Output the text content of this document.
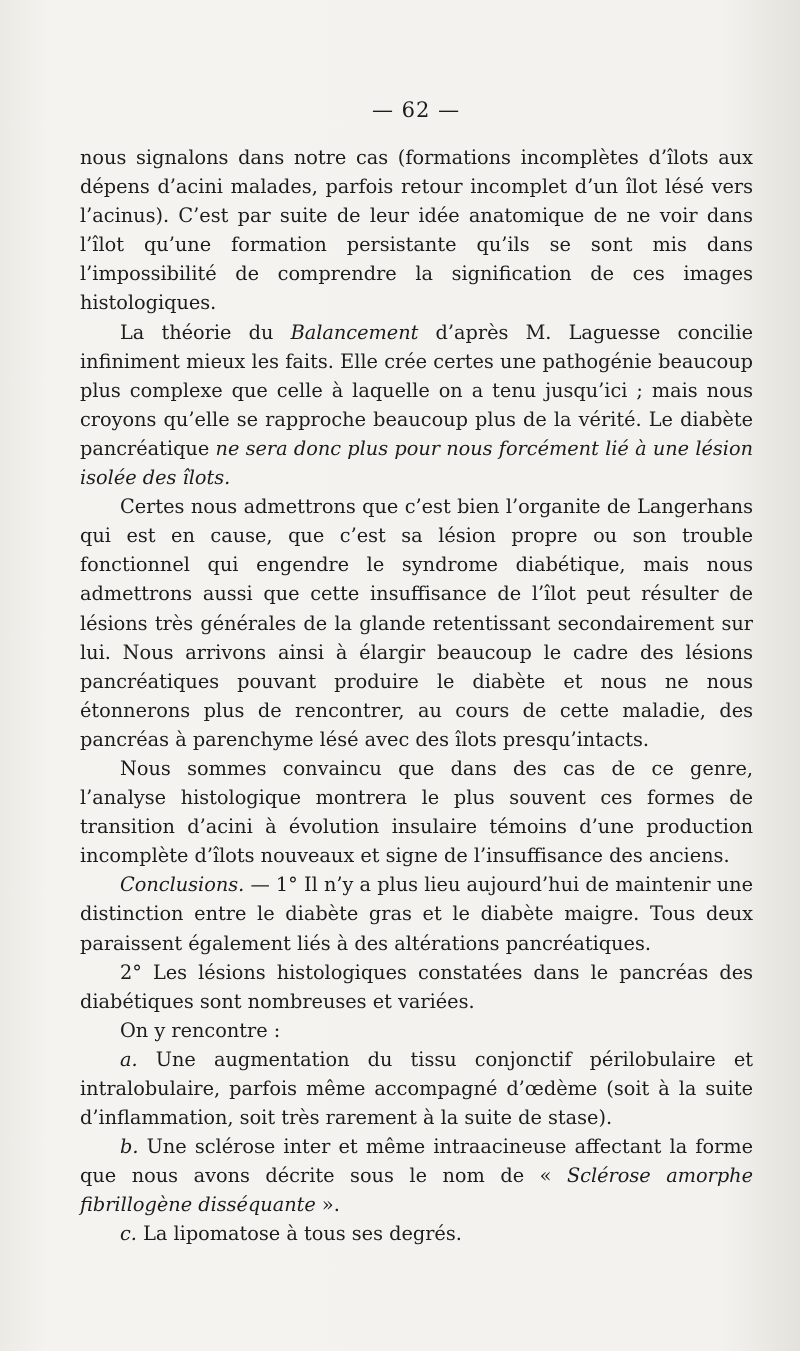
— 62 —

nous signalons dans notre cas (formations incomplètes d’îlots aux dépens d’acini malades, parfois retour incomplet d’un îlot lésé vers l’acinus). C’est par suite de leur idée anatomique de ne voir dans l’îlot qu’une formation persistante qu’ils se sont mis dans l’impossibilité de comprendre la signification de ces images histologiques.

La théorie du Balancement d’après M. Laguesse concilie infiniment mieux les faits. Elle crée certes une pathogénie beaucoup plus complexe que celle à laquelle on a tenu jusqu’ici ; mais nous croyons qu’elle se rapproche beaucoup plus de la vérité. Le diabète pancréatique ne sera donc plus pour nous forcément lié à une lésion isolée des îlots.

Certes nous admettrons que c’est bien l’organite de Langerhans qui est en cause, que c’est sa lésion propre ou son trouble fonctionnel qui engendre le syndrome diabétique, mais nous admettrons aussi que cette insuffisance de l’îlot peut résulter de lésions très générales de la glande retentissant secondairement sur lui. Nous arrivons ainsi à élargir beaucoup le cadre des lésions pancréatiques pouvant produire le diabète et nous ne nous étonnerons plus de rencontrer, au cours de cette maladie, des pancréas à parenchyme lésé avec des îlots presqu’intacts.

Nous sommes convaincu que dans des cas de ce genre, l’analyse histologique montrera le plus souvent ces formes de transition d’acini à évolution insulaire témoins d’une production incomplète d’îlots nouveaux et signe de l’insuffisance des anciens.

Conclusions. — 1° Il n’y a plus lieu aujourd’hui de maintenir une distinction entre le diabète gras et le diabète maigre. Tous deux paraissent également liés à des altérations pancréatiques.

2° Les lésions histologiques constatées dans le pancréas des diabétiques sont nombreuses et variées.

On y rencontre :

a. Une augmentation du tissu conjonctif périlobulaire et intralobulaire, parfois même accompagné d’œdème (soit à la suite d’inflammation, soit très rarement à la suite de stase).

b. Une sclérose inter et même intraacineuse affectant la forme que nous avons décrite sous le nom de « Sclérose amorphe fibrillogène disséquante ».

c. La lipomatose à tous ses degrés.
